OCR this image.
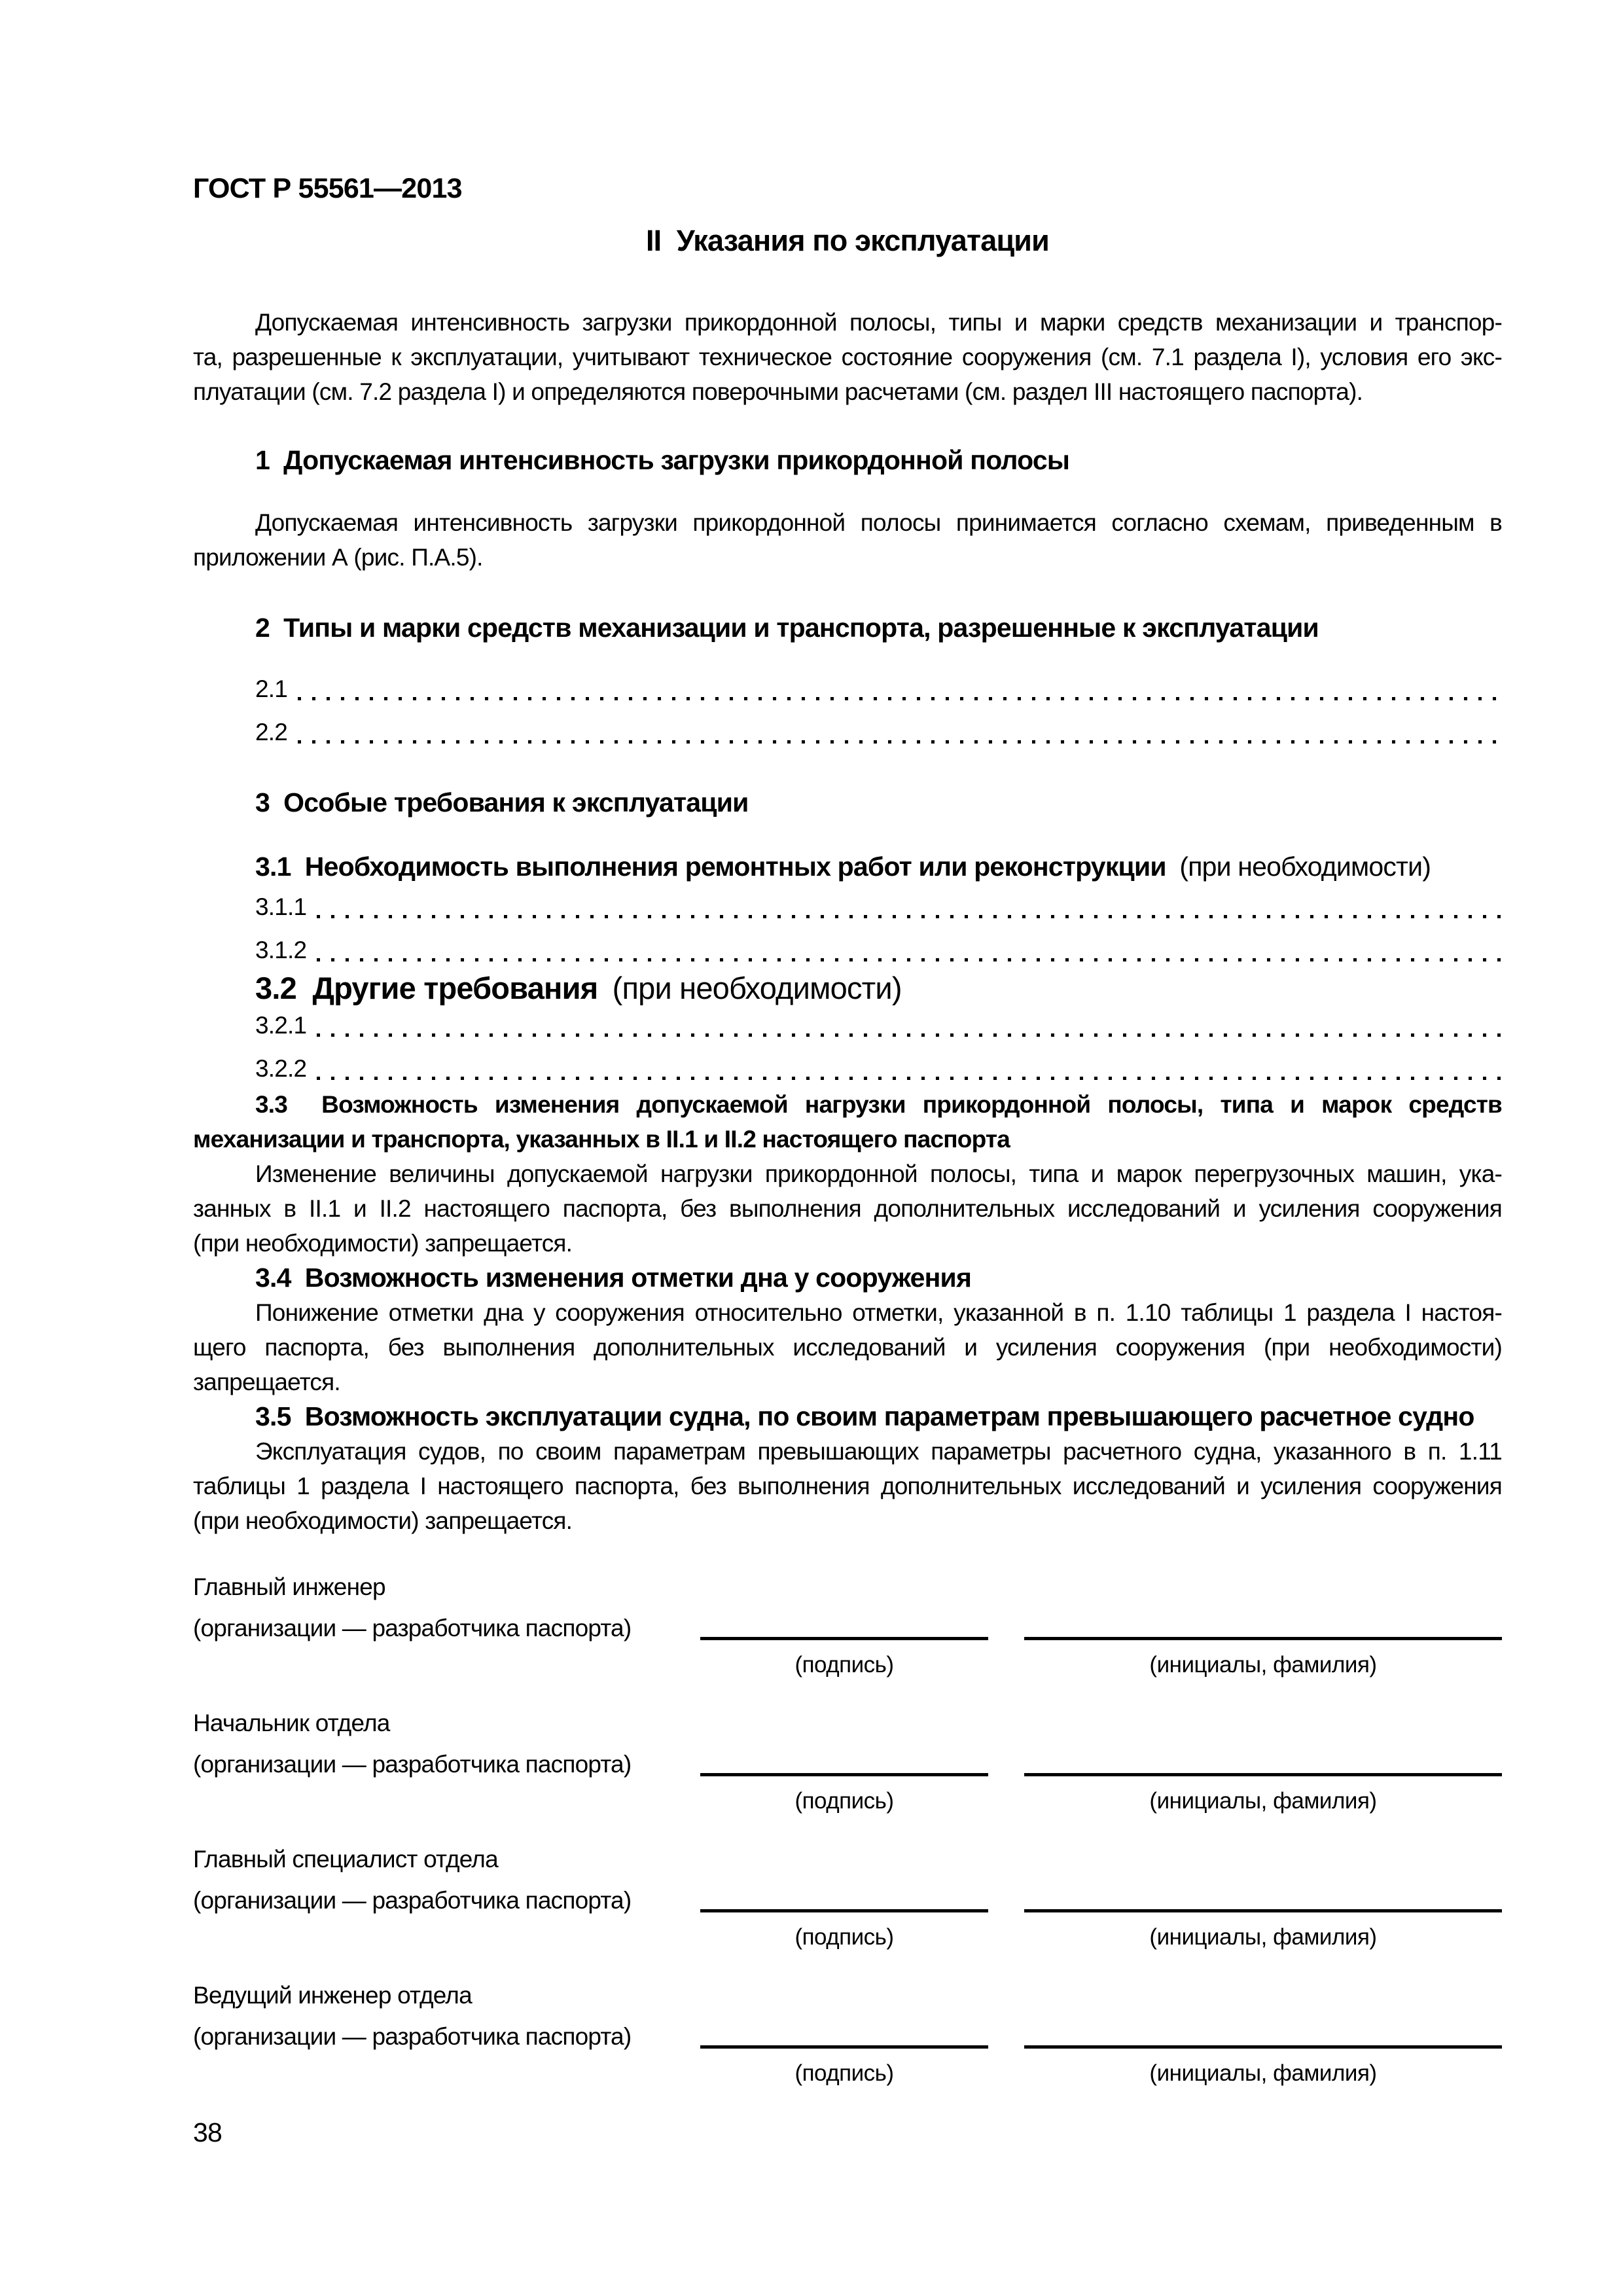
ГОСТ Р 55561—2013
II  Указания по эксплуатации
Допускаемая интенсивность загрузки прикордонной полосы, типы и марки средств механизации и транспор-
та, разрешенные к эксплуатации, учитывают техническое состояние сооружения (см. 7.1 раздела I), условия его экс-
плуатации (см. 7.2 раздела I) и определяются поверочными расчетами (см. раздел III настоящего паспорта).
1  Допускаемая интенсивность загрузки прикордонной полосы
Допускаемая интенсивность загрузки прикордонной полосы принимается согласно схемам, приведенным в
приложении А (рис. П.А.5).
2  Типы и марки средств механизации и транспорта, разрешенные к эксплуатации
2.1
2.2
3  Особые требования к эксплуатации
3.1  Необходимость выполнения ремонтных работ или реконструкции (при необходимости)
3.1.1
3.1.2
3.2  Другие требования (при необходимости)
3.2.1
3.2.2
3.3  Возможность изменения допускаемой нагрузки прикордонной полосы, типа и марок средств
механизации и транспорта, указанных в II.1 и II.2 настоящего паспорта
Изменение величины допускаемой нагрузки прикордонной полосы, типа и марок перегрузочных машин, ука-
занных в II.1 и II.2 настоящего паспорта, без выполнения дополнительных исследований и усиления сооружения
(при необходимости) запрещается.
3.4  Возможность изменения отметки дна у сооружения
Понижение отметки дна у сооружения относительно отметки, указанной в п. 1.10 таблицы 1 раздела I настоя-
щего паспорта, без выполнения дополнительных исследований и усиления сооружения (при необходимости)
запрещается.
3.5  Возможность эксплуатации судна, по своим параметрам превышающего расчетное судно
Эксплуатация судов, по своим параметрам превышающих параметры расчетного судна, указанного в п. 1.11
таблицы 1 раздела I настоящего паспорта, без выполнения дополнительных исследований и усиления сооружения
(при необходимости) запрещается.
Главный инженер
(организации — разработчика паспорта)
(подпись)	(инициалы, фамилия)
Начальник отдела
(организации — разработчика паспорта)
(подпись)	(инициалы, фамилия)
Главный специалист отдела
(организации — разработчика паспорта)
(подпись)	(инициалы, фамилия)
Ведущий инженер отдела
(организации — разработчика паспорта)
(подпись)	(инициалы, фамилия)
38
